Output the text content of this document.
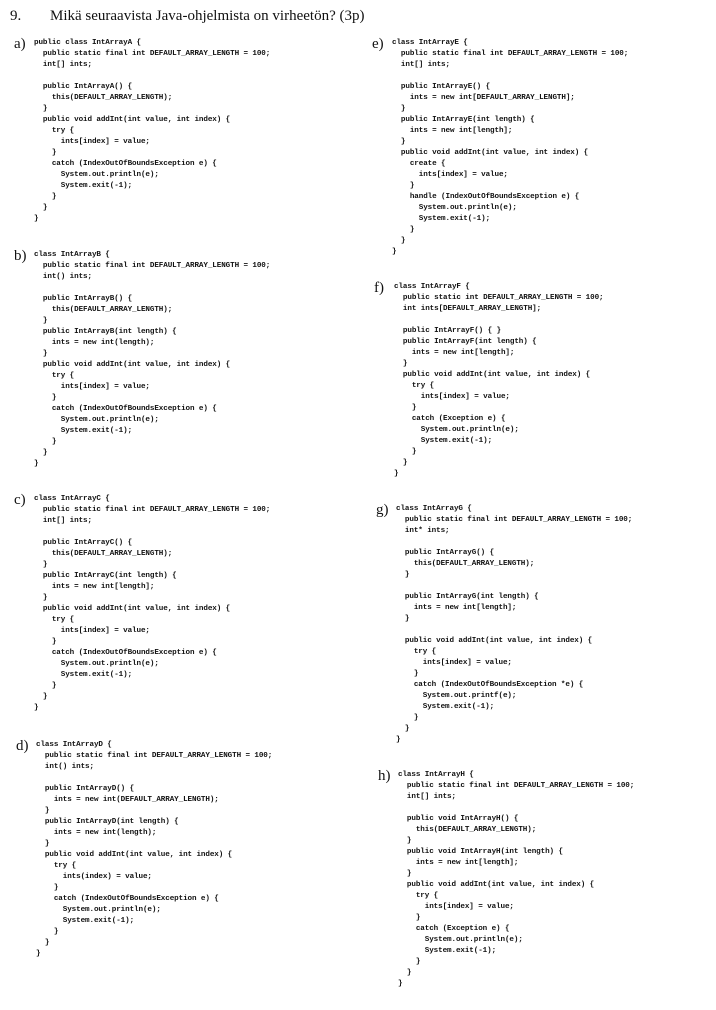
9. Mikä seuraavista Java-ohjelmista on virheetön? (3p)
a) public class IntArrayA {
public static final int DEFAULT_ARRAY_LENGTH = 100;
int[] ints;

public IntArrayA() {
this(DEFAULT_ARRAY_LENGTH);
}
public void addInt(int value, int index) {
try {
ints[index] = value;
}
catch (IndexOutOfBoundsException e) {
System.out.println(e);
System.exit(-1);
}
}
}
b) class IntArrayB {
public static final int DEFAULT_ARRAY_LENGTH = 100;
int() ints;

public IntArrayB() {
this(DEFAULT_ARRAY_LENGTH);
}
public IntArrayB(int length) {
ints = new int(length);
}
public void addInt(int value, int index) {
try {
ints[index] = value;
}
catch (IndexOutOfBoundsException e) {
System.out.println(e);
System.exit(-1);
}
}
}
c) class IntArrayC {
public static final int DEFAULT_ARRAY_LENGTH = 100;
int[] ints;

public IntArrayC() {
this(DEFAULT_ARRAY_LENGTH);
}
public IntArrayC(int length) {
ints = new int[length];
}
public void addInt(int value, int index) {
try {
ints[index] = value;
}
catch (IndexOutOfBoundsException e) {
System.out.println(e);
System.exit(-1);
}
}
}
d) class IntArrayD {
public static final int DEFAULT_ARRAY_LENGTH = 100;
int() ints;

public IntArrayD() {
ints = new int(DEFAULT_ARRAY_LENGTH);
}
public IntArrayD(int length) {
ints = new int(length);
}
public void addInt(int value, int index) {
try {
ints(index) = value;
}
catch (IndexOutOfBoundsException e) {
System.out.println(e);
System.exit(-1);
}
}
}
e) class IntArrayE {
public static final int DEFAULT_ARRAY_LENGTH = 100;
int[] ints;

public IntArrayE() {
ints = new int[DEFAULT_ARRAY_LENGTH];
}
public IntArrayE(int length) {
ints = new int[length];
}
public void addInt(int value, int index) {
create {
ints[index] = value;
}
handle (IndexOutOfBoundsException e) {
System.out.println(e);
System.exit(-1);
}
}
}
f) class IntArrayF {
public static int DEFAULT_ARRAY_LENGTH = 100;
int ints[DEFAULT_ARRAY_LENGTH];

public IntArrayF() { }
public IntArrayF(int length) {
ints = new int[length];
}
public void addInt(int value, int index) {
try {
ints[index] = value;
}
catch (Exception e) {
System.out.println(e);
System.exit(-1);
}
}
}
g) class IntArrayG {
public static final int DEFAULT_ARRAY_LENGTH = 100;
int* ints;

public IntArrayG() {
this(DEFAULT_ARRAY_LENGTH);
}

public IntArrayG(int length) {
ints = new int[length];
}

public void addInt(int value, int index) {
try {
ints[index] = value;
}
catch (IndexOutOfBoundsException *e) {
System.out.printf(e);
System.exit(-1);
}
}
}
h) class IntArrayH {
public static final int DEFAULT_ARRAY_LENGTH = 100;
int[] ints;

public void IntArrayH() {
this(DEFAULT_ARRAY_LENGTH);
}
public void IntArrayH(int length) {
ints = new int[length];
}
public void addInt(int value, int index) {
try {
ints[index] = value;
}
catch (Exception e) {
System.out.println(e);
System.exit(-1);
}
}
}
